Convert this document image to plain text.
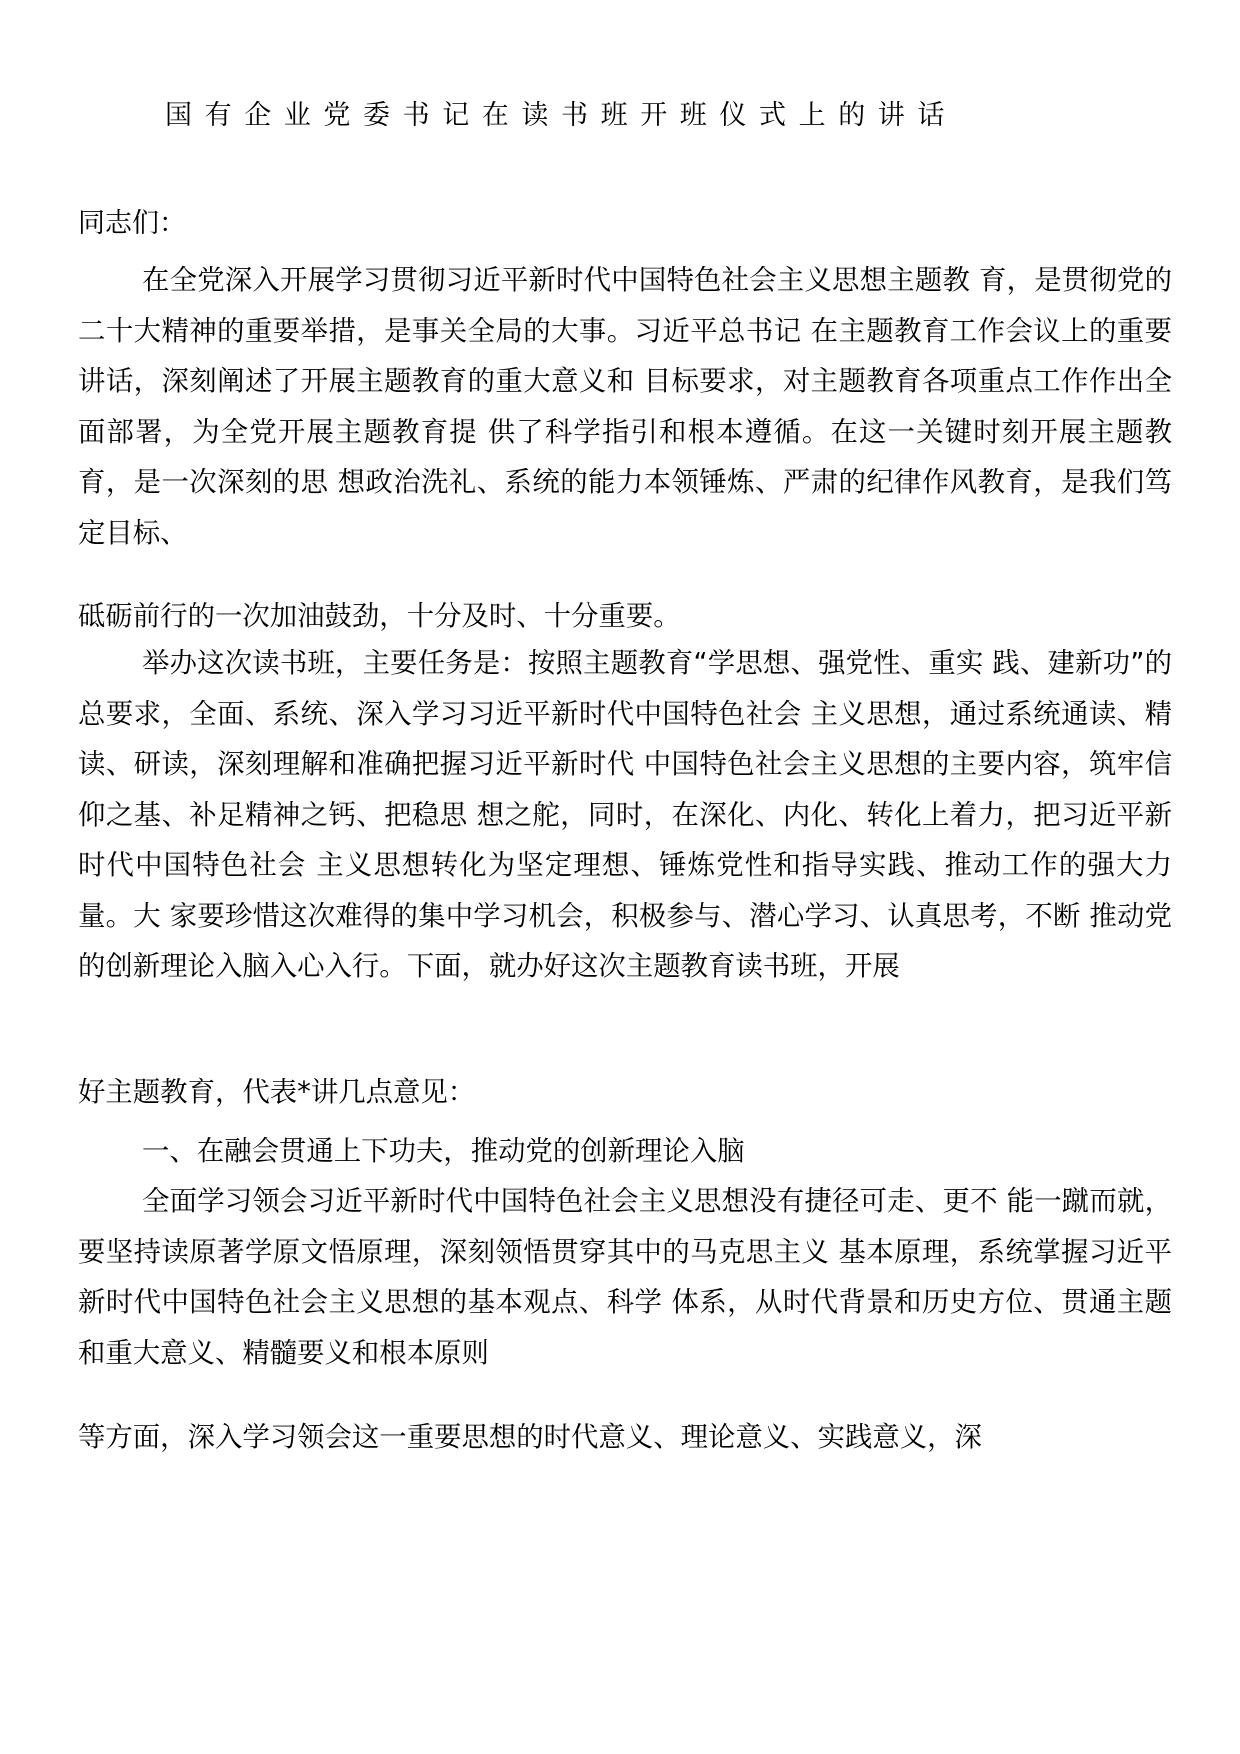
国有企业党委书记在读书班开班仪式上的讲话
同志们：

在全党深入开展学习贯彻习近平新时代中国特色社会主义思想主题教 育，是贯彻党的二十大精神的重要举措，是事关全局的大事。习近平总书记 在主题教育工作会议上的重要讲话，深刻阐述了开展主题教育的重大意义和 目标要求，对主题教育各项重点工作作出全面部署，为全党开展主题教育提 供了科学指引和根本遵循。在这一关键时刻开展主题教育，是一次深刻的思 想政治洗礼、系统的能力本领锤炼、严肃的纪律作风教育，是我们笃定目标、

砥砺前行的一次加油鼓劲，十分及时、十分重要。

举办这次读书班，主要任务是：按照主题教育“学思想、强党性、重实 践、建新功”的总要求，全面、系统、深入学习习近平新时代中国特色社会 主义思想，通过系统通读、精读、研读，深刻理解和准确把握习近平新时代 中国特色社会主义思想的主要内容，筑牢信仰之基、补足精神之钙、把稳思 想之舵，同时，在深化、内化、转化上着力，把习近平新时代中国特色社会 主义思想转化为坚定理想、锤炼党性和指导实践、推动工作的强大力量。大 家要珍惜这次难得的集中学习机会，积极参与、潜心学习、认真思考，不断 推动党的创新理论入脑入心入行。下面，就办好这次主题教育读书班，开展

好主题教育，代表*讲几点意见：

一、在融会贯通上下功夫，推动党的创新理论入脑

全面学习领会习近平新时代中国特色社会主义思想没有捷径可走、更不 能一蹴而就，要坚持读原著学原文悟原理，深刻领悟贯穿其中的马克思主义 基本原理，系统掌握习近平新时代中国特色社会主义思想的基本观点、科学 体系，从时代背景和历史方位、贯通主题和重大意义、精髓要义和根本原则

等方面，深入学习领会这一重要思想的时代意义、理论意义、实践意义，深
